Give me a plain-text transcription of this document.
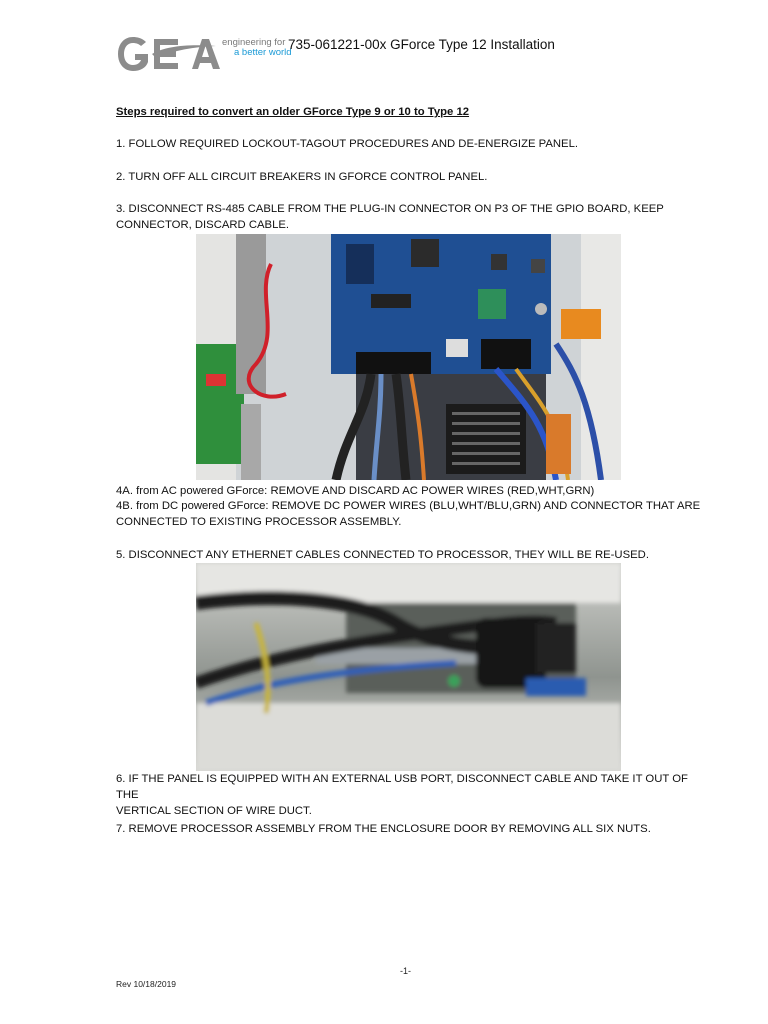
engineering for
a better world
735-061221-00x GForce Type 12 Installation
Steps required to convert an older GForce Type 9 or 10 to Type 12
1. FOLLOW REQUIRED LOCKOUT-TAGOUT PROCEDURES AND DE-ENERGIZE PANEL.
2. TURN OFF ALL CIRCUIT BREAKERS IN GFORCE CONTROL PANEL.
3. DISCONNECT RS-485 CABLE FROM THE PLUG-IN CONNECTOR ON P3 OF THE GPIO BOARD, KEEP
CONNECTOR, DISCARD CABLE.
4A. from AC powered GForce: REMOVE AND DISCARD AC POWER WIRES (RED,WHT,GRN)
4B. from DC powered GForce: REMOVE DC POWER WIRES (BLU,WHT/BLU,GRN) AND CONNECTOR THAT ARE
CONNECTED TO EXISTING PROCESSOR ASSEMBLY.
5. DISCONNECT ANY ETHERNET CABLES CONNECTED TO PROCESSOR, THEY WILL BE RE-USED.
6. IF THE PANEL IS EQUIPPED WITH AN EXTERNAL USB PORT, DISCONNECT CABLE AND TAKE IT OUT OF THE
VERTICAL SECTION OF WIRE DUCT.
7. REMOVE PROCESSOR ASSEMBLY FROM THE ENCLOSURE DOOR BY REMOVING ALL SIX NUTS.
-1-
Rev 10/18/2019
